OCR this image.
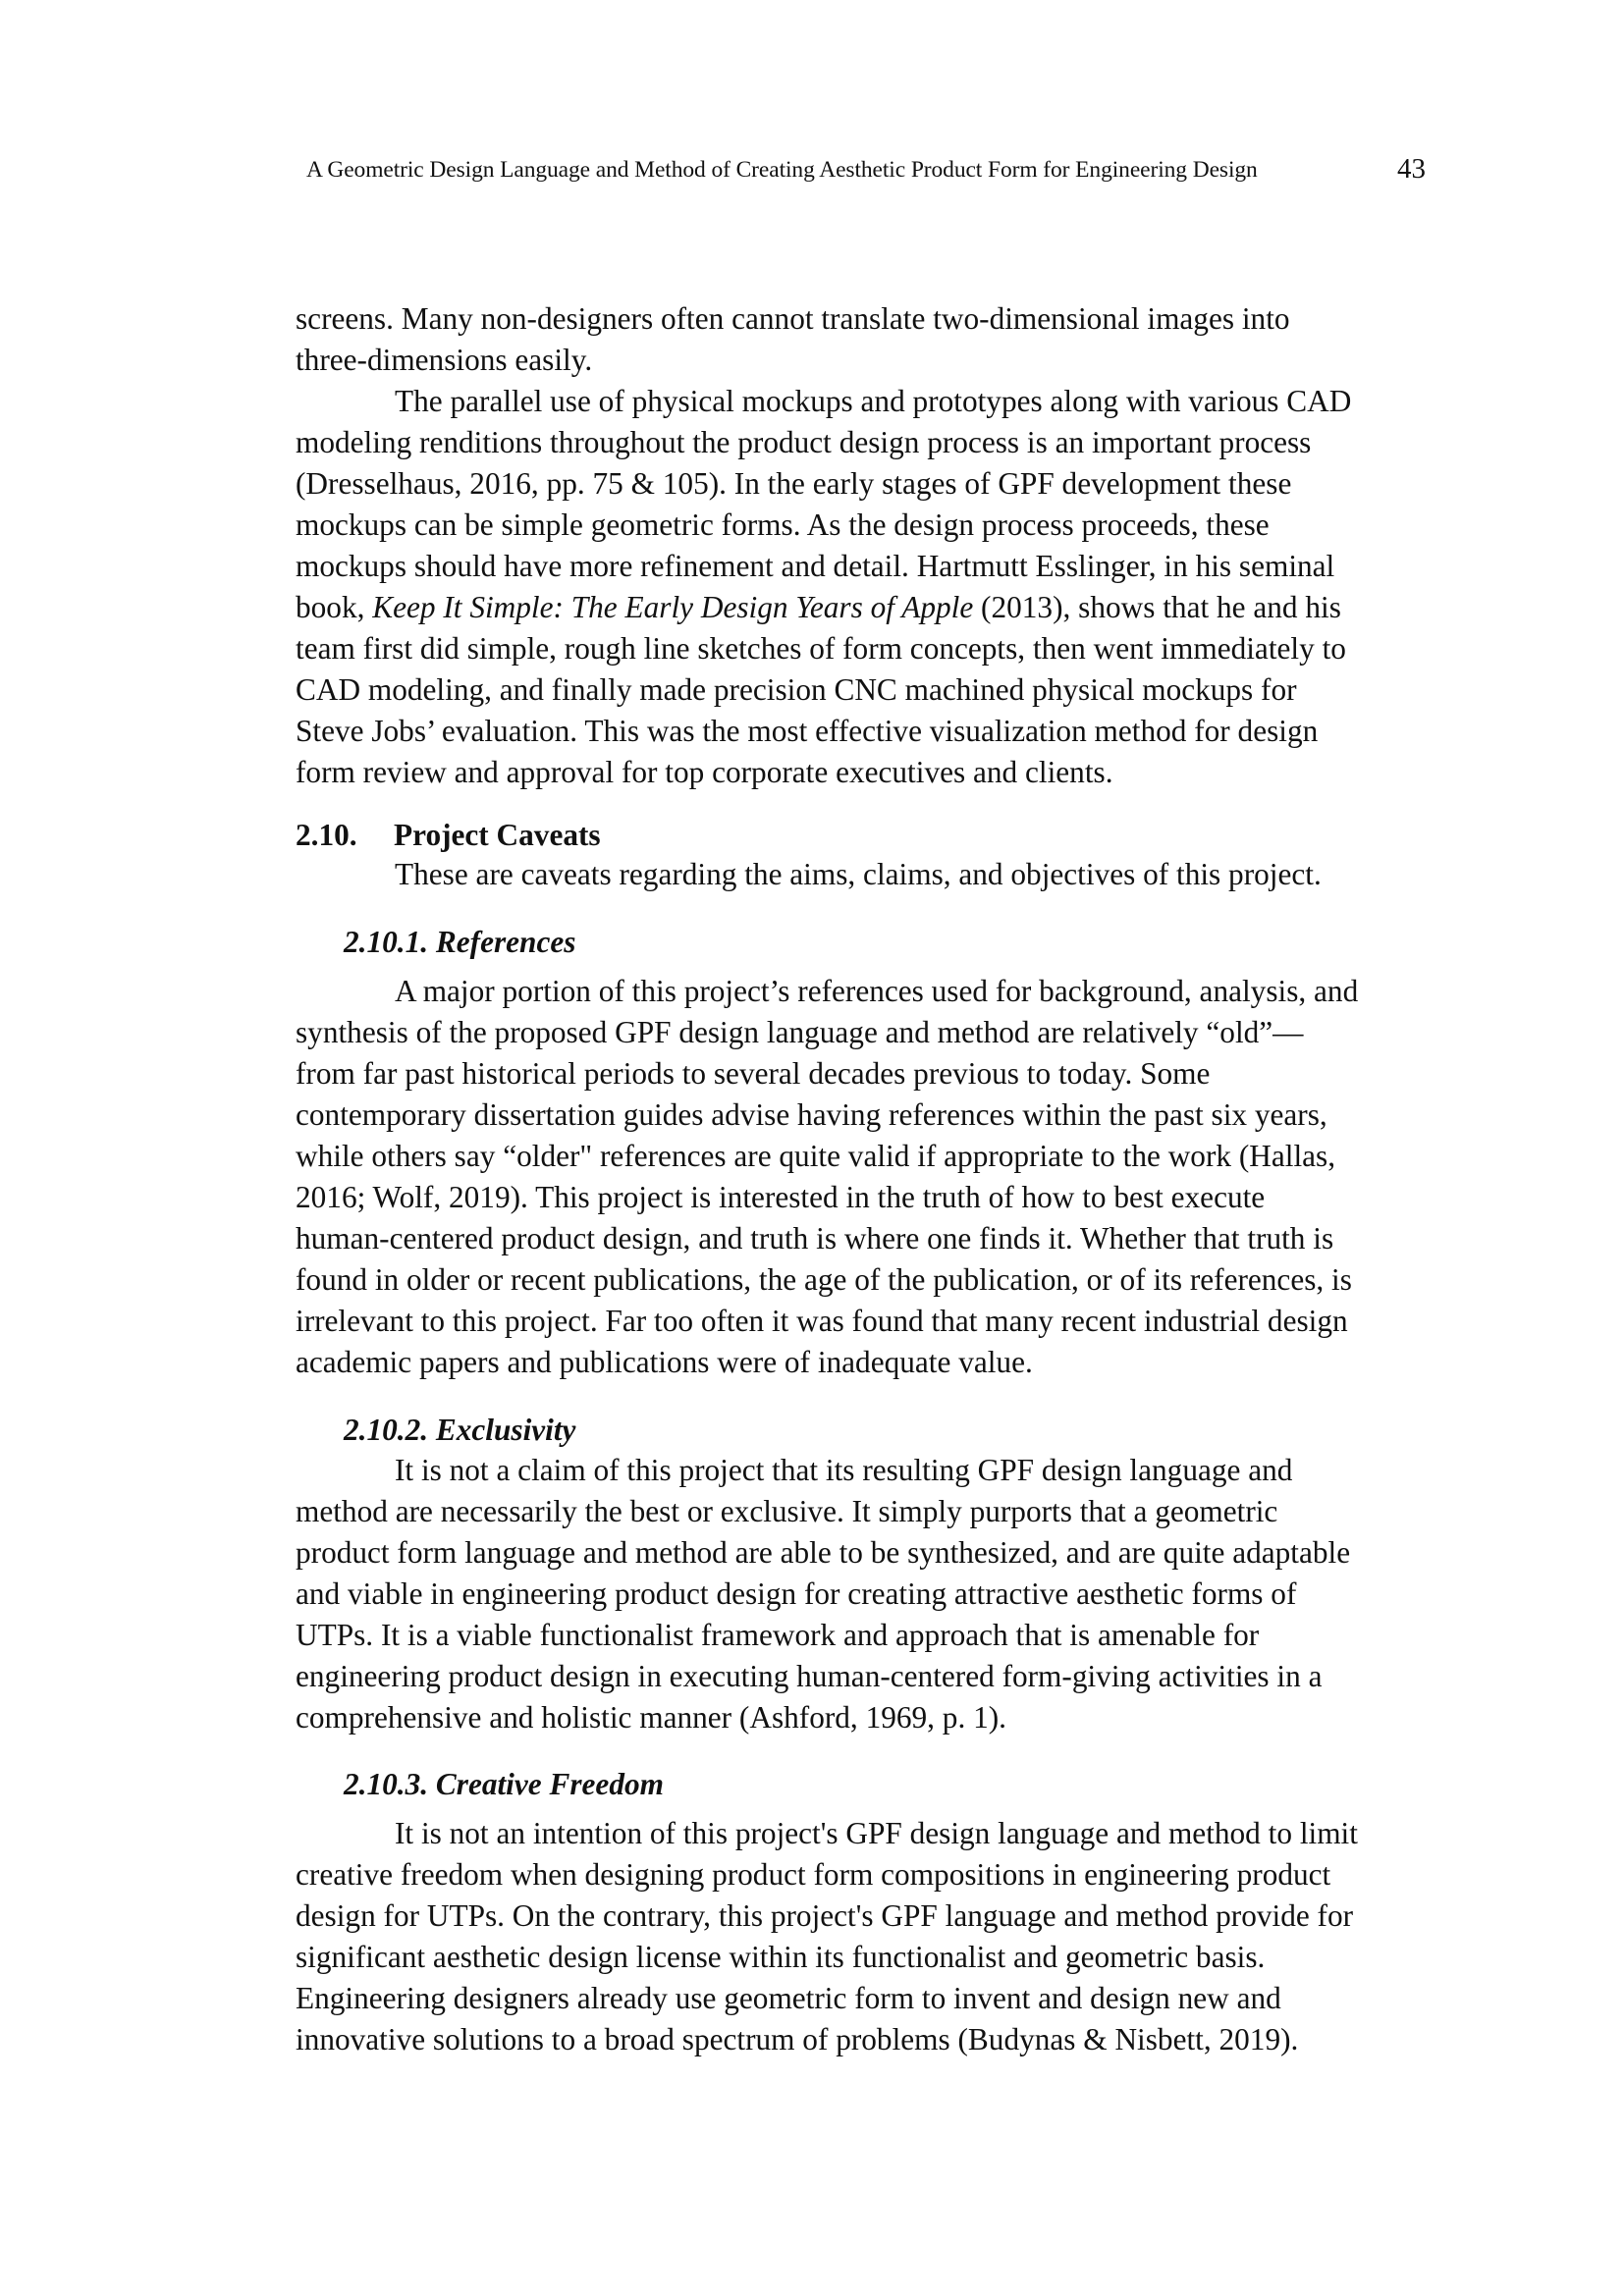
A Geometric Design Language and Method of Creating Aesthetic Product Form for Engineering Design	43
screens. Many non-designers often cannot translate two-dimensional images into
three-dimensions easily.
The parallel use of physical mockups and prototypes along with various CAD
modeling renditions throughout the product design process is an important process
(Dresselhaus, 2016, pp. 75 & 105). In the early stages of GPF development these
mockups can be simple geometric forms. As the design process proceeds, these
mockups should have more refinement and detail. Hartmutt Esslinger, in his seminal
book, Keep It Simple: The Early Design Years of Apple (2013), shows that he and his
team first did simple, rough line sketches of form concepts, then went immediately to
CAD modeling, and finally made precision CNC machined physical mockups for
Steve Jobs’ evaluation. This was the most effective visualization method for design
form review and approval for top corporate executives and clients.
2.10. Project Caveats
These are caveats regarding the aims, claims, and objectives of this project.
2.10.1. References
A major portion of this project’s references used for background, analysis, and
synthesis of the proposed GPF design language and method are relatively “old”—
from far past historical periods to several decades previous to today. Some
contemporary dissertation guides advise having references within the past six years,
while others say “older" references are quite valid if appropriate to the work (Hallas,
2016; Wolf, 2019). This project is interested in the truth of how to best execute
human-centered product design, and truth is where one finds it. Whether that truth is
found in older or recent publications, the age of the publication, or of its references, is
irrelevant to this project. Far too often it was found that many recent industrial design
academic papers and publications were of inadequate value.
2.10.2. Exclusivity
It is not a claim of this project that its resulting GPF design language and
method are necessarily the best or exclusive. It simply purports that a geometric
product form language and method are able to be synthesized, and are quite adaptable
and viable in engineering product design for creating attractive aesthetic forms of
UTPs. It is a viable functionalist framework and approach that is amenable for
engineering product design in executing human-centered form-giving activities in a
comprehensive and holistic manner (Ashford, 1969, p. 1).
2.10.3. Creative Freedom
It is not an intention of this project's GPF design language and method to limit
creative freedom when designing product form compositions in engineering product
design for UTPs. On the contrary, this project's GPF language and method provide for
significant aesthetic design license within its functionalist and geometric basis.
Engineering designers already use geometric form to invent and design new and
innovative solutions to a broad spectrum of problems (Budynas & Nisbett, 2019).
